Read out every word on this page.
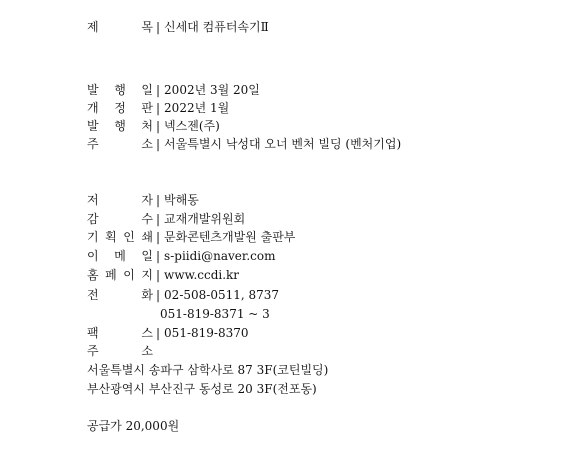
제	목 | 신세대 컴퓨터속기Ⅱ
발 행 일 | 2002년 3월 20일
개 정 판 | 2022년 1월
발 행 처 | 넥스젠(주)
주	소 | 서울특별시 낙성대 오너 벤처 빌딩 (벤처기업)
저	자 | 박해동
감	수 | 교재개발위원회
기 획 인 쇄 | 문화콘텐츠개발원 출판부
이 메 일 | s-piidi@naver.com
홈 페 이 지 | www.ccdi.kr
전	화 | 02-508-0511, 8737
051-819-8371 ~ 3
팩	스 | 051-819-8370
주	소
서울특별시 송파구 삼학사로 87 3F(코틴빌딩)
부산광역시 부산진구 동성로 20 3F(전포동)
공급가 20,000원
